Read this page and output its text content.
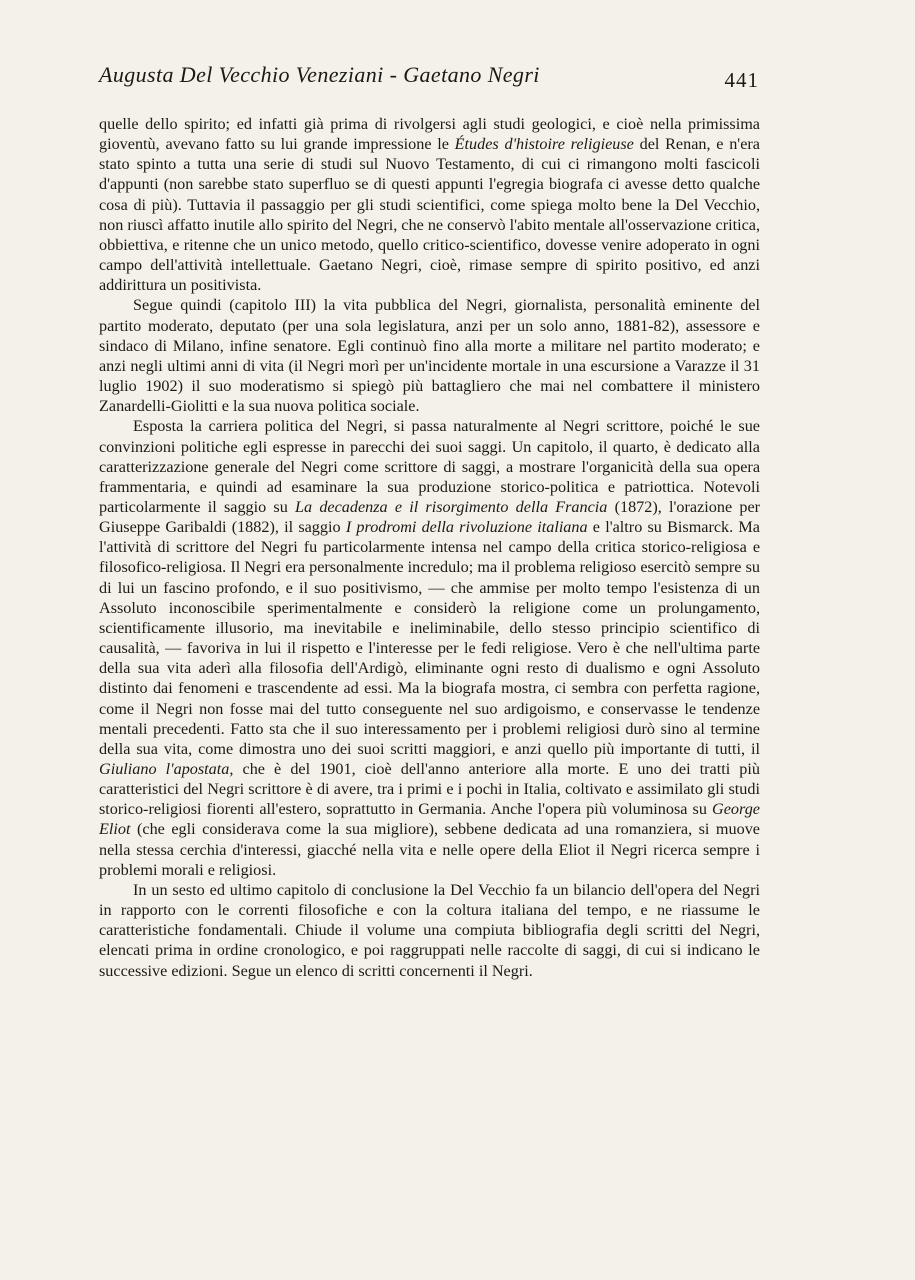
Augusta Del Vecchio Veneziani - Gaetano Negri	441

quelle dello spirito; ed infatti già prima di rivolgersi agli studi geologici, e cioè nella primissima gioventù, avevano fatto su lui grande impressione le Études d'histoire religieuse del Renan, e n'era stato spinto a tutta una serie di studi sul Nuovo Testamento, di cui ci rimangono molti fascicoli d'appunti (non sarebbe stato superfluo se di questi appunti l'egregia biografa ci avesse detto qualche cosa di più). Tuttavia il passaggio per gli studi scientifici, come spiega molto bene la Del Vecchio, non riuscì affatto inutile allo spirito del Negri, che ne conservò l'abito mentale all'osservazione critica, obbiettiva, e ritenne che un unico metodo, quello critico-scientifico, dovesse venire adoperato in ogni campo dell'attività intellettuale. Gaetano Negri, cioè, rimase sempre di spirito positivo, ed anzi addirittura un positivista.

Segue quindi (capitolo III) la vita pubblica del Negri, giornalista, personalità eminente del partito moderato, deputato (per una sola legislatura, anzi per un solo anno, 1881-82), assessore e sindaco di Milano, infine senatore. Egli continuò fino alla morte a militare nel partito moderato; e anzi negli ultimi anni di vita (il Negri morì per un'incidente mortale in una escursione a Varazze il 31 luglio 1902) il suo moderatismo si spiegò più battagliero che mai nel combattere il ministero Zanardelli-Giolitti e la sua nuova politica sociale.

Esposta la carriera politica del Negri, si passa naturalmente al Negri scrittore, poiché le sue convinzioni politiche egli espresse in parecchi dei suoi saggi. Un capitolo, il quarto, è dedicato alla caratterizzazione generale del Negri come scrittore di saggi, a mostrare l'organicità della sua opera frammentaria, e quindi ad esaminare la sua produzione storico-politica e patriottica. Notevoli particolarmente il saggio su La decadenza e il risorgimento della Francia (1872), l'orazione per Giuseppe Garibaldi (1882), il saggio I prodromi della rivoluzione italiana e l'altro su Bismarck. Ma l'attività di scrittore del Negri fu particolarmente intensa nel campo della critica storico-religiosa e filosofico-religiosa. Il Negri era personalmente incredulo; ma il problema religioso esercitò sempre su di lui un fascino profondo, e il suo positivismo, — che ammise per molto tempo l'esistenza di un Assoluto inconoscibile sperimentalmente e considerò la religione come un prolungamento, scientificamente illusorio, ma inevitabile e ineliminabile, dello stesso principio scientifico di causalità, — favoriva in lui il rispetto e l'interesse per le fedi religiose. Vero è che nell'ultima parte della sua vita aderì alla filosofia dell'Ardigò, eliminante ogni resto di dualismo e ogni Assoluto distinto dai fenomeni e trascendente ad essi. Ma la biografa mostra, ci sembra con perfetta ragione, come il Negri non fosse mai del tutto conseguente nel suo ardigoismo, e conservasse le tendenze mentali precedenti. Fatto sta che il suo interessamento per i problemi religiosi durò sino al termine della sua vita, come dimostra uno dei suoi scritti maggiori, e anzi quello più importante di tutti, il Giuliano l'apostata, che è del 1901, cioè dell'anno anteriore alla morte. E uno dei tratti più caratteristici del Negri scrittore è di avere, tra i primi e i pochi in Italia, coltivato e assimilato gli studi storico-religiosi fiorenti all'estero, soprattutto in Germania. Anche l'opera più voluminosa su George Eliot (che egli considerava come la sua migliore), sebbene dedicata ad una romanziera, si muove nella stessa cerchia d'interessi, giacché nella vita e nelle opere della Eliot il Negri ricerca sempre i problemi morali e religiosi.

In un sesto ed ultimo capitolo di conclusione la Del Vecchio fa un bilancio dell'opera del Negri in rapporto con le correnti filosofiche e con la coltura italiana del tempo, e ne riassume le caratteristiche fondamentali. Chiude il volume una compiuta bibliografia degli scritti del Negri, elencati prima in ordine cronologico, e poi raggruppati nelle raccolte di saggi, di cui si indicano le successive edizioni. Segue un elenco di scritti concernenti il Negri.
